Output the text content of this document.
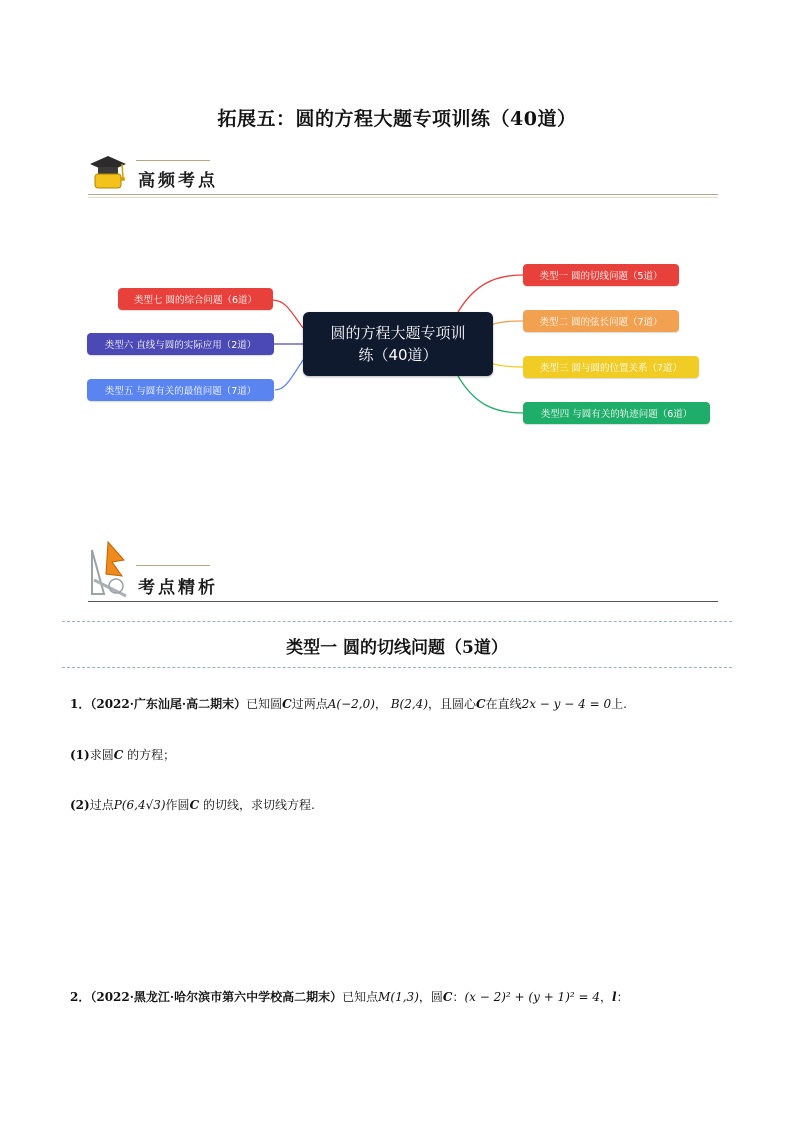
拓展五：圆的方程大题专项训练（40道）
高频考点
圆的方程大题专项训
练（40道）
类型七 圆的综合问题（6道）
类型六 直线与圆的实际应用（2道）
类型五 与圆有关的最值问题（7道）
类型一 圆的切线问题（5道）
类型二 圆的弦长问题（7道）
类型三 圆与圆的位置关系（7道）
类型四 与圆有关的轨迹问题（6道）
考点精析
类型一 圆的切线问题（5道）
1．（2022·广东汕尾·高二期末）已知圆C过两点A(−2,0)， B(2,4)，且圆心C在直线2x − y − 4 = 0上.
(1)求圆C 的方程；
(2)过点P(6,4√3)作圆C 的切线，求切线方程.
2．（2022·黑龙江·哈尔滨市第六中学校高二期末）已知点M(1,3)，圆C：(x − 2)² + (y + 1)² = 4，l：
